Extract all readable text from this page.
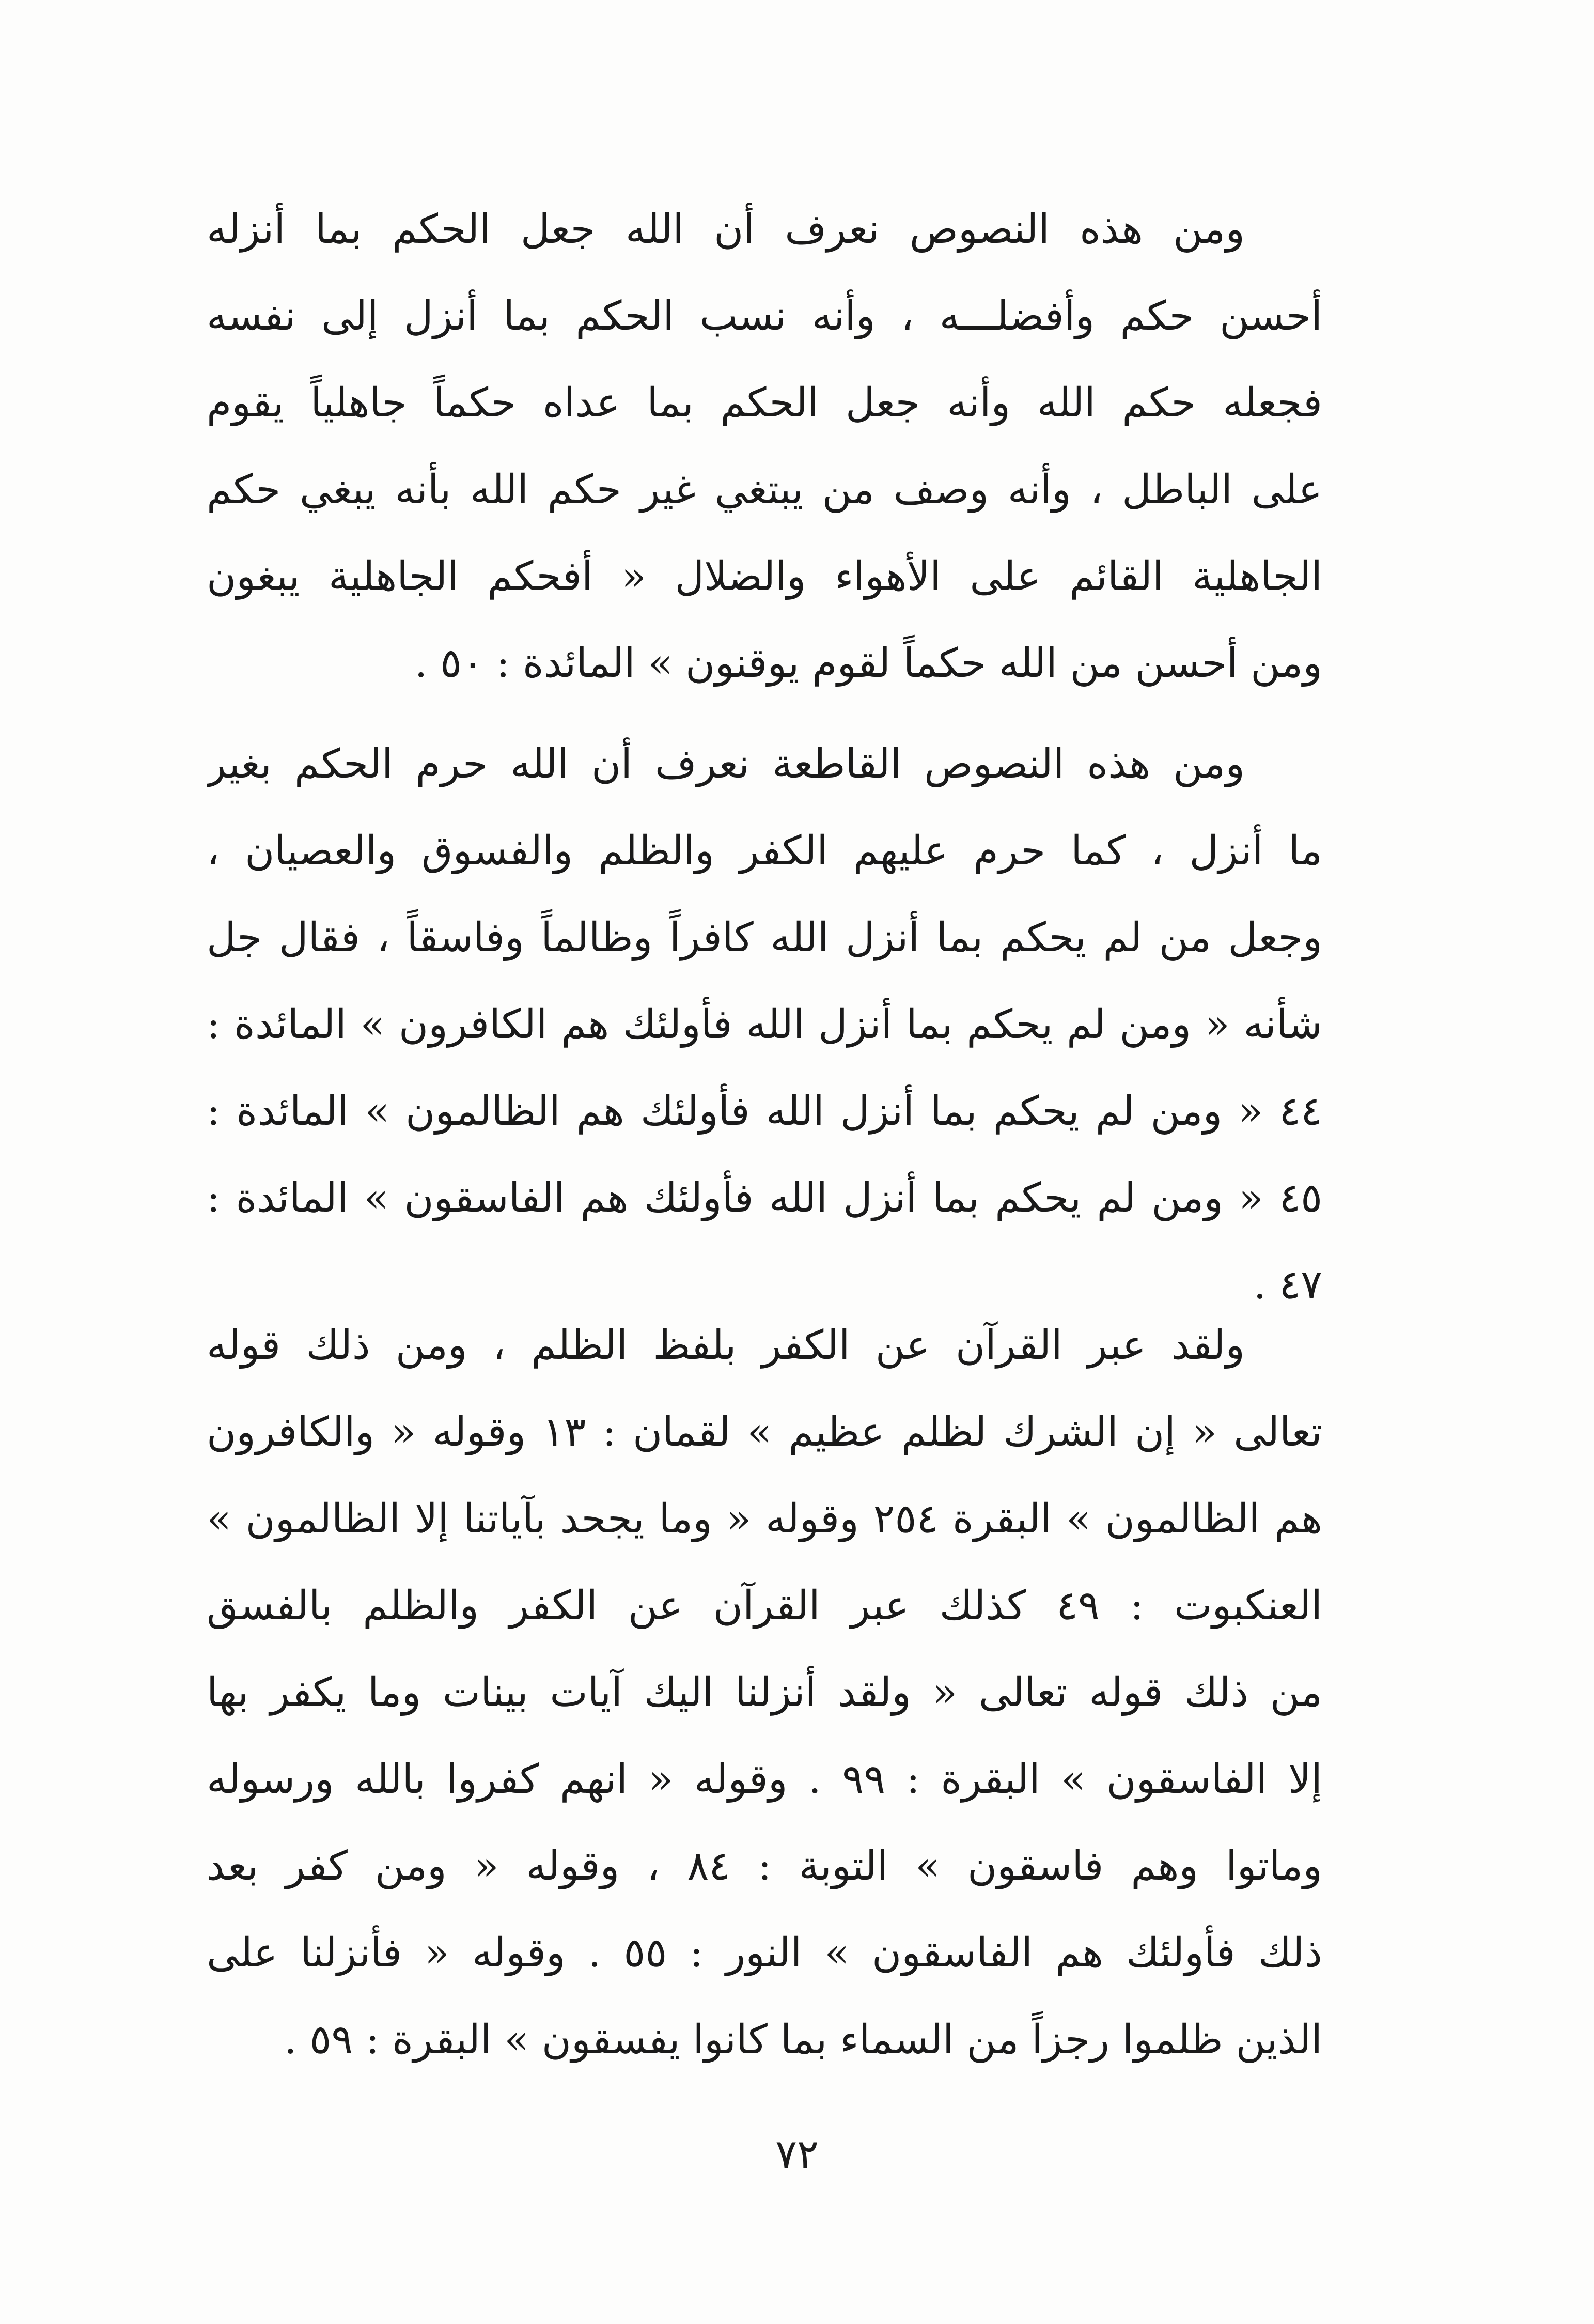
ومن هذه النصوص نعرف أن الله جعل الحكم بما أنزله
أحسن حكم وأفضلـــه ، وأنه نسب الحكم بما أنزل إلى نفسه
فجعله حكم الله وأنه جعل الحكم بما عداه حكماً جاهلياً يقوم
على الباطل ، وأنه وصف من يبتغي غير حكم الله بأنه يبغي حكم
الجاهلية القائم على الأهواء والضلال « أفحكم الجاهلية يبغون
ومن أحسن من الله حكماً لقوم يوقنون » المائدة : ٥٠ .
ومن هذه النصوص القاطعة نعرف أن الله حرم الحكم بغير
ما أنزل ، كما حرم عليهم الكفر والظلم والفسوق والعصيان ،
وجعل من لم يحكم بما أنزل الله كافراً وظالماً وفاسقاً ، فقال جل
شأنه « ومن لم يحكم بما أنزل الله فأولئك هم الكافرون » المائدة :
٤٤ « ومن لم يحكم بما أنزل الله فأولئك هم الظالمون » المائدة :
٤٥ « ومن لم يحكم بما أنزل الله فأولئك هم الفاسقون » المائدة :
٤٧ .
ولقد عبر القرآن عن الكفر بلفظ الظلم ، ومن ذلك قوله
تعالى « إن الشرك لظلم عظيم » لقمان : ١٣ وقوله « والكافرون
هم الظالمون » البقرة ٢٥٤ وقوله « وما يجحد بآياتنا إلا الظالمون »
العنكبوت : ٤٩ كذلك عبر القرآن عن الكفر والظلم بالفسق
من ذلك قوله تعالى « ولقد أنزلنا اليك آيات بينات وما يكفر بها
إلا الفاسقون » البقرة : ٩٩ . وقوله « انهم كفروا بالله ورسوله
وماتوا وهم فاسقون » التوبة : ٨٤ ، وقوله « ومن كفر بعد
ذلك فأولئك هم الفاسقون » النور : ٥٥ . وقوله « فأنزلنا على
الذين ظلموا رجزاً من السماء بما كانوا يفسقون » البقرة : ٥٩ .
٧٢
